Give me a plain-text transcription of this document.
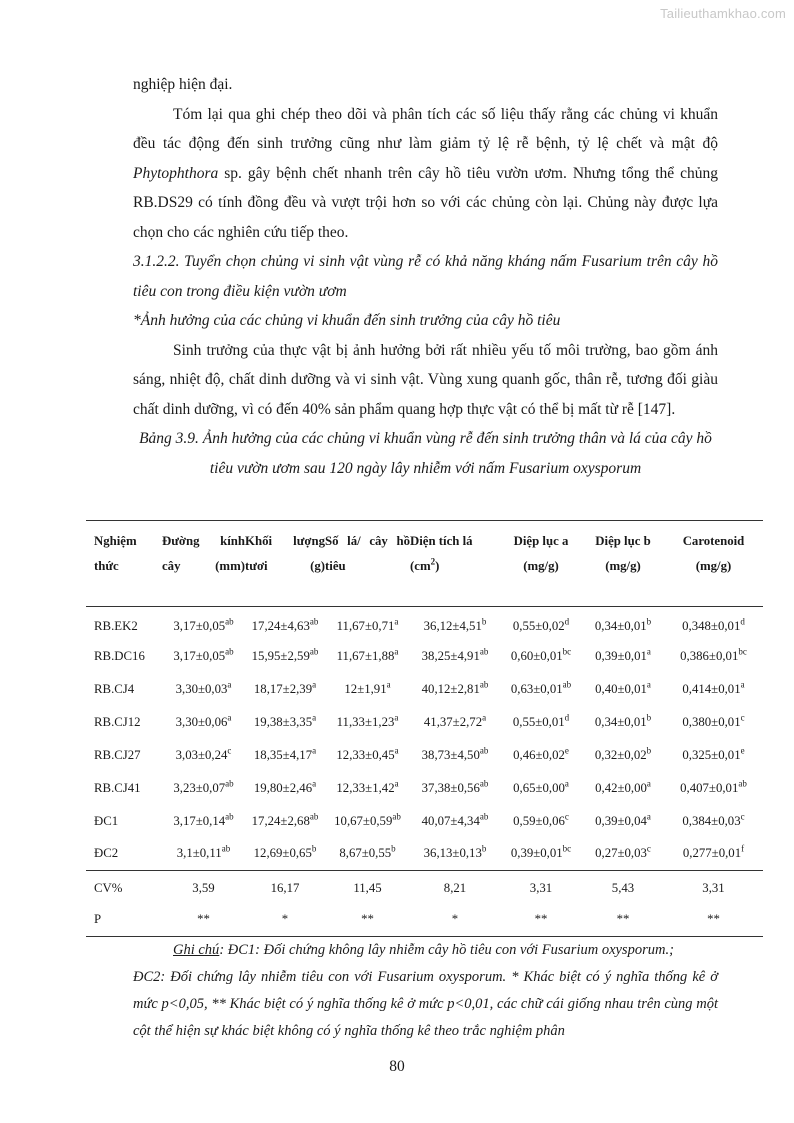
Tailieuthamkhao.com

nghiệp hiện đại.

Tóm lại qua ghi chép theo dõi và phân tích các số liệu thấy rằng các chủng vi khuẩn đều tác động đến sinh trưởng cũng như làm giảm tỷ lệ rễ bệnh, tỷ lệ chết và mật độ Phytophthora sp. gây bệnh chết nhanh trên cây hồ tiêu vườn ươm. Nhưng tổng thể chủng RB.DS29 có tính đồng đều và vượt trội hơn so với các chủng còn lại. Chủng này được lựa chọn cho các nghiên cứu tiếp theo.

3.1.2.2. Tuyển chọn chủng vi sinh vật vùng rễ có khả năng kháng nấm Fusarium trên cây hồ tiêu con trong điều kiện vườn ươm

*Ảnh hưởng của các chủng vi khuẩn đến sinh trưởng của cây hồ tiêu

Sinh trưởng của thực vật bị ảnh hưởng bởi rất nhiều yếu tố môi trường, bao gồm ánh sáng, nhiệt độ, chất dinh dưỡng và vi sinh vật. Vùng xung quanh gốc, thân rễ, tương đối giàu chất dinh dưỡng, vì có đến 40% sản phẩm quang hợp thực vật có thể bị mất từ rễ [147].

Bảng 3.9. Ảnh hưởng của các chủng vi khuẩn vùng rễ đến sinh trưởng thân và lá của cây hồ tiêu vườn ươm sau 120 ngày lây nhiễm với nấm Fusarium oxysporum

Nghiệm thức	Đường kính cây (mm)	Khối lượng tươi (g)	Số lá/ cây hồ tiêu	Diện tích lá $(cm^2)$	Diệp lục a (mg/g)	Diệp lục b (mg/g)	Carotenoid (mg/g)
RB.EK2	3,17±0,05$^{ab}$	17,24±4,63$^{ab}$	11,67±0,71$^a$	36,12±4,51$^b$	0,55±0,02$^d$	0,34±0,01$^b$	0,348±0,01$^d$
RB.DC16	3,17±0,05$^{ab}$	15,95±2,59$^{ab}$	11,67±1,88$^a$	38,25±4,91$^{ab}$	0,60±0,01$^{bc}$	0,39±0,01$^a$	0,386±0,01$^{bc}$
RB.CJ4	3,30±0,03$^a$	18,17±2,39$^a$	12±1,91$^a$	40,12±2,81$^{ab}$	0,63±0,01$^{ab}$	0,40±0,01$^a$	0,414±0,01$^a$
RB.CJ12	3,30±0,06$^a$	19,38±3,35$^a$	11,33±1,23$^a$	41,37±2,72$^a$	0,55±0,01$^d$	0,34±0,01$^b$	0,380±0,01$^c$
RB.CJ27	3,03±0,24$^c$	18,35±4,17$^a$	12,33±0,45$^a$	38,73±4,50$^{ab}$	0,46±0,02$^e$	0,32±0,02$^b$	0,325±0,01$^e$
RB.CJ41	3,23±0,07$^{ab}$	19,80±2,46$^a$	12,33±1,42$^a$	37,38±0,56$^{ab}$	0,65±0,00$^a$	0,42±0,00$^a$	0,407±0,01$^{ab}$
ĐC1	3,17±0,14$^{ab}$	17,24±2,68$^{ab}$	10,67±0,59$^{ab}$	40,07±4,34$^{ab}$	0,59±0,06$^c$	0,39±0,04$^a$	0,384±0,03$^c$
ĐC2	3,1±0,11$^{ab}$	12,69±0,65$^b$	8,67±0,55$^b$	36,13±0,13$^b$	0,39±0,01$^{bc}$	0,27±0,03$^c$	0,277±0,01$^f$
CV%	3,59	16,17	11,45	8,21	3,31	5,43	3,31
P	**	*	**	*	**	**	**

Ghi chú: ĐC1: Đối chứng không lây nhiễm cây hồ tiêu con với Fusarium oxysporum.;

ĐC2: Đối chứng lây nhiễm tiêu con với Fusarium oxysporum. * Khác biệt có ý nghĩa thống kê ở mức p<0,05, ** Khác biệt có ý nghĩa thống kê ở mức p<0,01, các chữ cái giống nhau trên cùng một cột thể hiện sự khác biệt không có ý nghĩa thống kê theo trắc nghiệm phân

80
